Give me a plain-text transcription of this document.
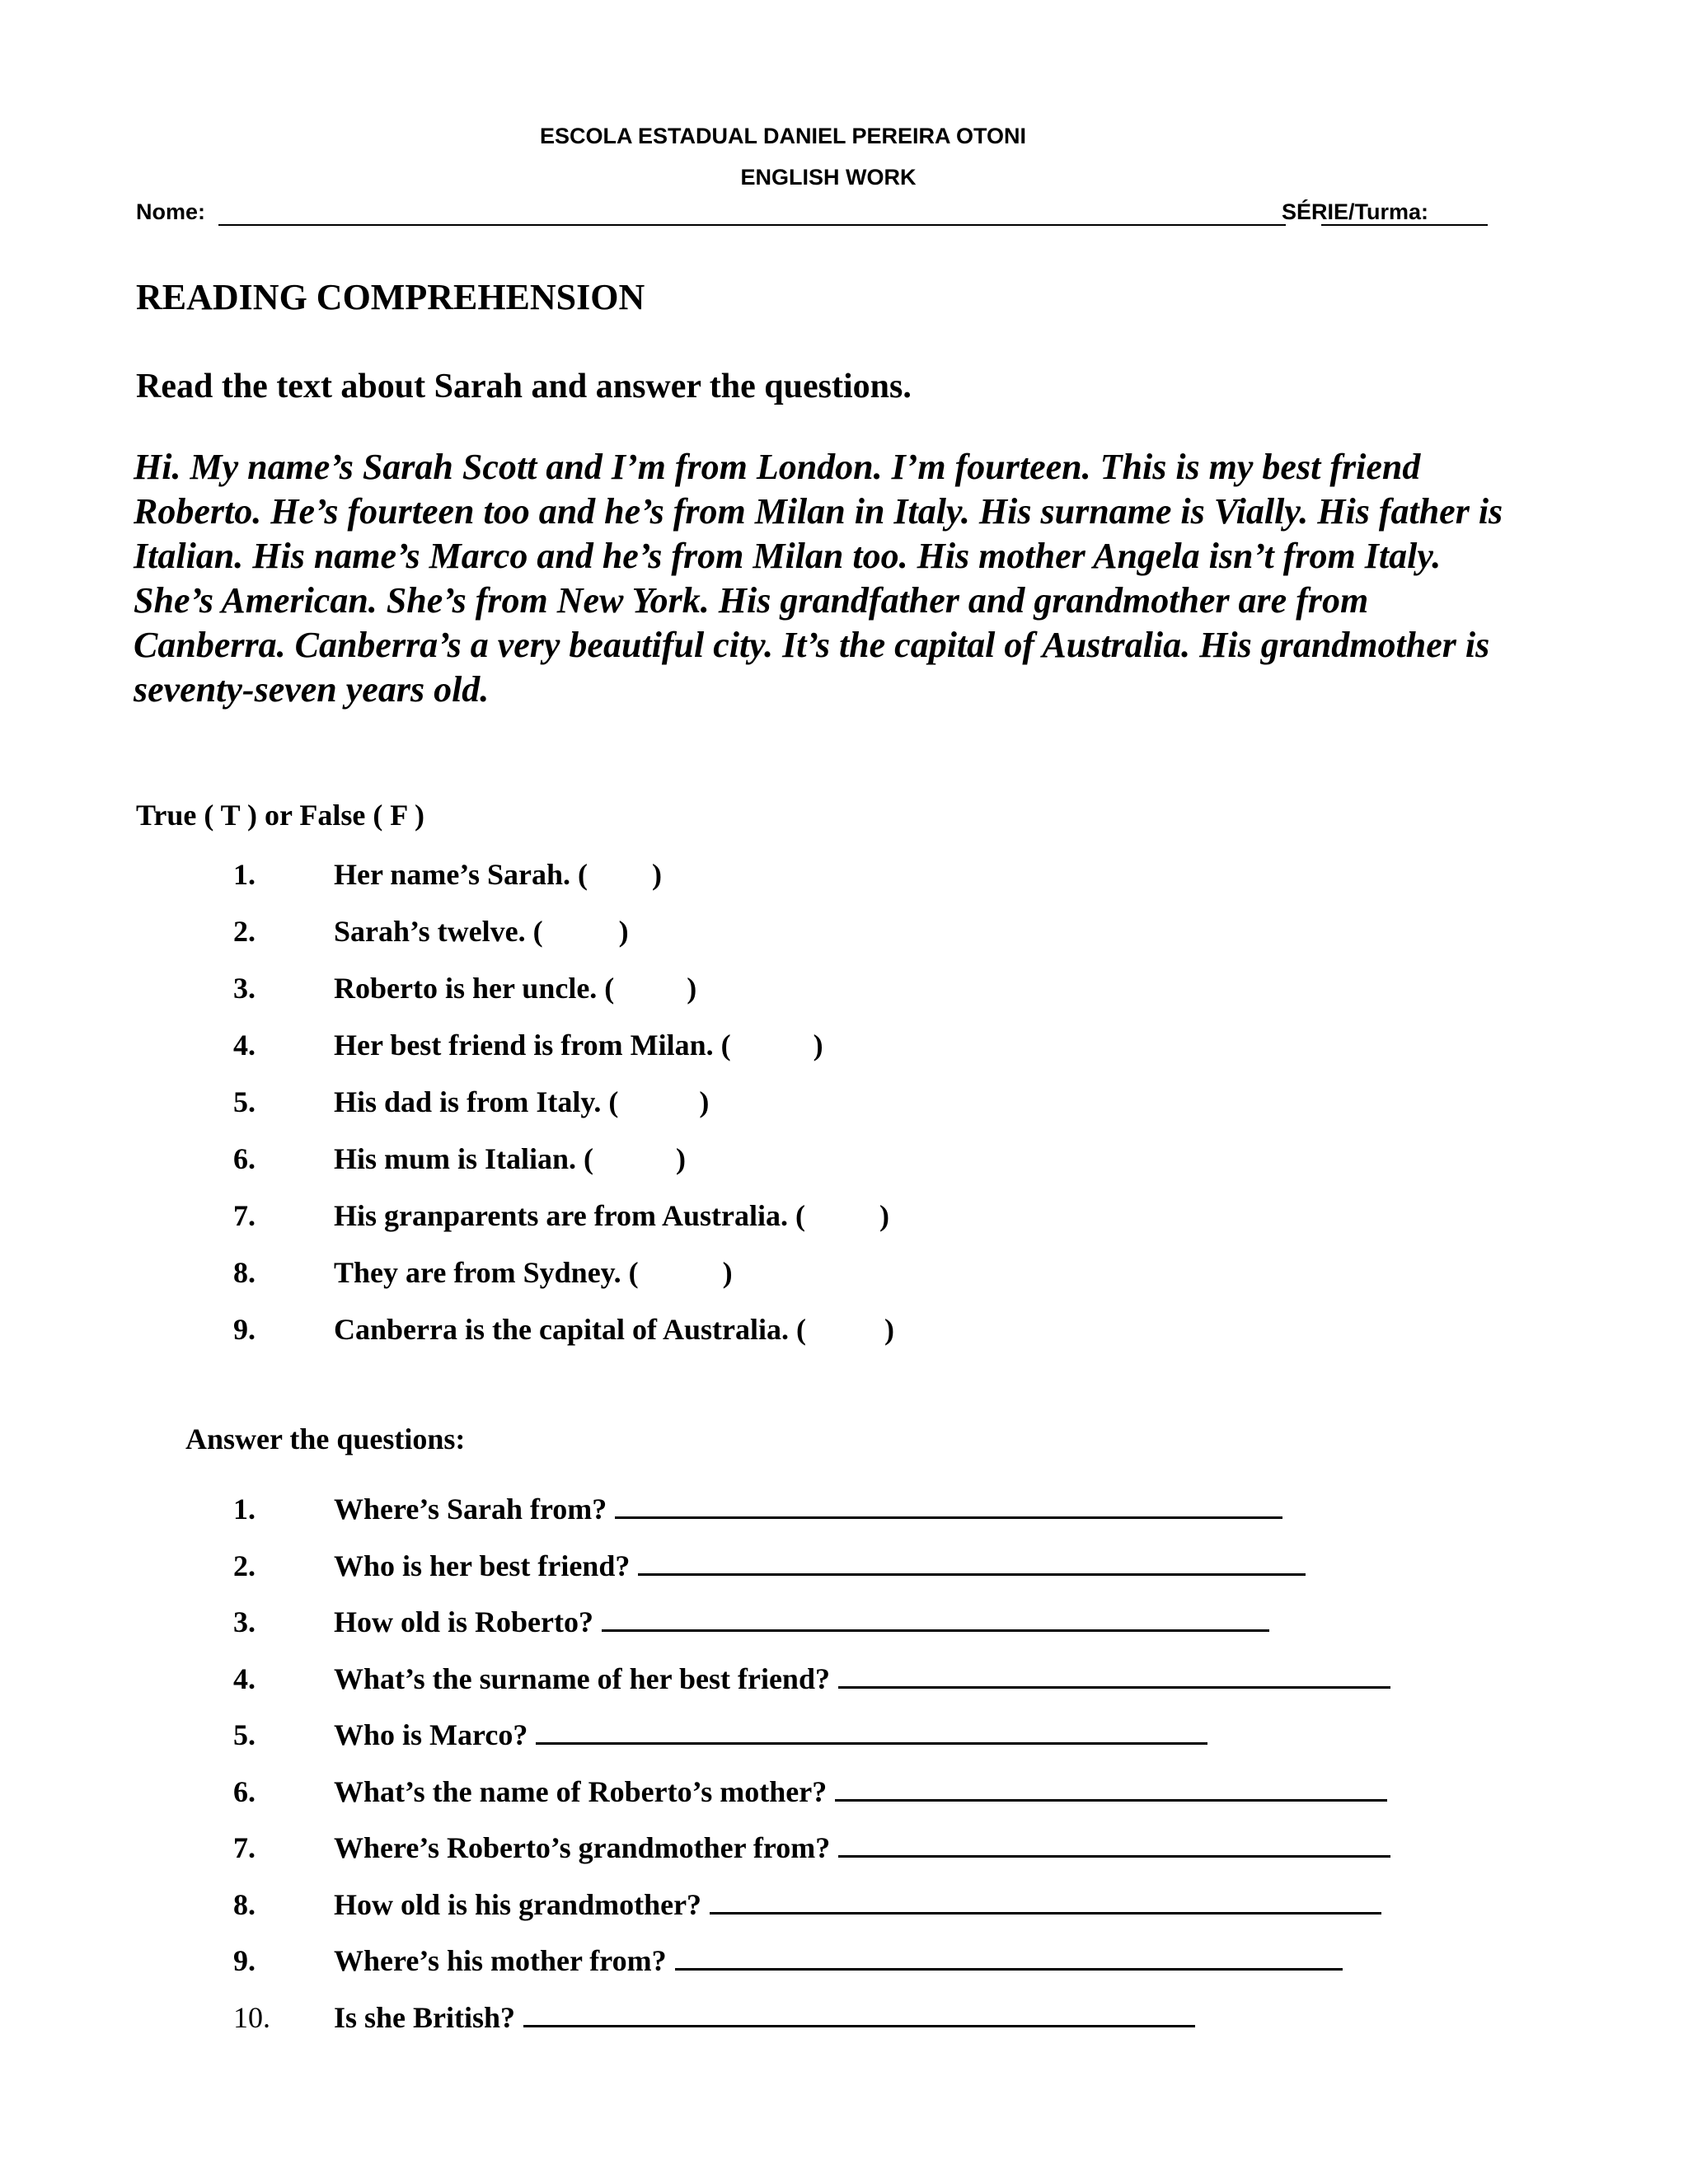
ESCOLA ESTADUAL DANIEL PEREIRA OTONI
ENGLISH WORK
Nome:	SÉRIE/Turma:
READING COMPREHENSION
Read the text about Sarah and answer the questions.

Hi. My name’s Sarah Scott and I’m from London. I’m fourteen. This is my best friend Roberto. He’s fourteen too and he’s from Milan in Italy. His surname is Vially. His father is Italian. His name’s Marco and he’s from Milan too. His mother Angela isn’t from Italy. She’s American. She’s from New York. His grandfather and grandmother are from Canberra. Canberra’s a very beautiful city. It’s the capital of Australia. His grandmother is seventy-seven years old.

True ( T ) or False ( F )
1.	Her name’s Sarah. ( )
2.	Sarah’s twelve. (	)
3.	Roberto is her uncle. ( )
4.	Her best friend is from Milan. (	)
5.	His dad is from Italy. (	)
6.	His mum is Italian. (	)
7.	His granparents are from Australia. (	)
8.	They are from Sydney. (	)
9.	Canberra is the capital of Australia. (	)
Answer the questions:
1.	Where’s Sarah from?
2.	Who is her best friend?
3.	How old is Roberto?
4.	What’s the surname of her best friend?
5.	Who is Marco?
6.	What’s the name of Roberto’s mother?
7.	Where’s Roberto’s grandmother from?
8.	How old is his grandmother?
9.	Where’s his mother from?
10. Is she British?
